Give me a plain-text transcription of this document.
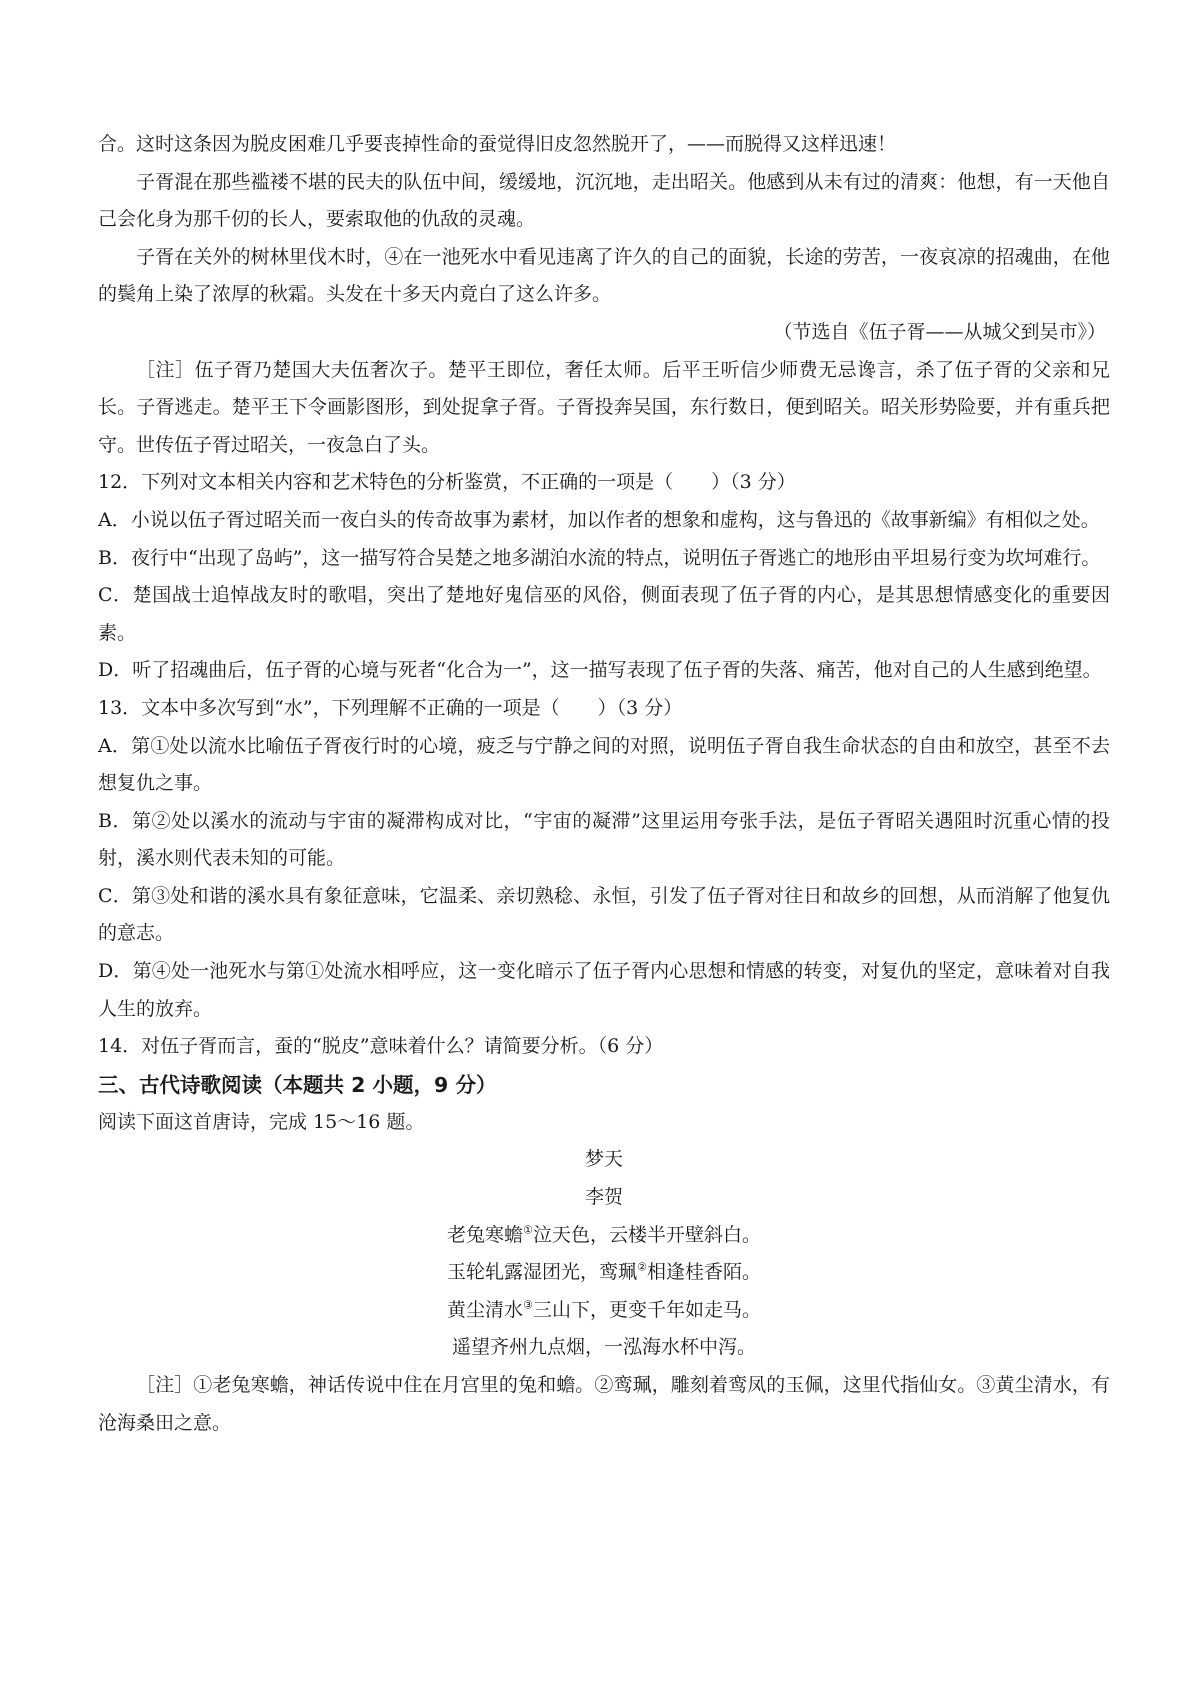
合。这时这条因为脱皮困难几乎要丧掉性命的蚕觉得旧皮忽然脱开了，——而脱得又这样迅速！

子胥混在那些褴褛不堪的民夫的队伍中间，缓缓地，沉沉地，走出昭关。他感到从未有过的清爽：他想，有一天他自己会化身为那千仞的长人，要索取他的仇敌的灵魂。

子胥在关外的树林里伐木时，④在一池死水中看见违离了许久的自己的面貌，长途的劳苦，一夜哀凉的招魂曲，在他的鬓角上染了浓厚的秋霜。头发在十多天内竟白了这么许多。

（节选自《伍子胥——从城父到吴市》）

［注］伍子胥乃楚国大夫伍奢次子。楚平王即位，奢任太师。后平王听信少师费无忌谗言，杀了伍子胥的父亲和兄长。子胥逃走。楚平王下令画影图形，到处捉拿子胥。子胥投奔吴国，东行数日，便到昭关。昭关形势险要，并有重兵把守。世传伍子胥过昭关，一夜急白了头。

12．下列对文本相关内容和艺术特色的分析鉴赏，不正确的一项是（　　）（3 分）

A．小说以伍子胥过昭关而一夜白头的传奇故事为素材，加以作者的想象和虚构，这与鲁迅的《故事新编》有相似之处。

B．夜行中“出现了岛屿”，这一描写符合吴楚之地多湖泊水流的特点，说明伍子胥逃亡的地形由平坦易行变为坎坷难行。

C．楚国战士追悼战友时的歌唱，突出了楚地好鬼信巫的风俗，侧面表现了伍子胥的内心，是其思想情感变化的重要因素。

D．听了招魂曲后，伍子胥的心境与死者“化合为一”，这一描写表现了伍子胥的失落、痛苦，他对自己的人生感到绝望。

13．文本中多次写到“水”，下列理解不正确的一项是（　　）（3 分）

A．第①处以流水比喻伍子胥夜行时的心境，疲乏与宁静之间的对照，说明伍子胥自我生命状态的自由和放空，甚至不去想复仇之事。

B．第②处以溪水的流动与宇宙的凝滞构成对比，“宇宙的凝滞”这里运用夸张手法，是伍子胥昭关遇阻时沉重心情的投射，溪水则代表未知的可能。

C．第③处和谐的溪水具有象征意味，它温柔、亲切熟稔、永恒，引发了伍子胥对往日和故乡的回想，从而消解了他复仇的意志。

D．第④处一池死水与第①处流水相呼应，这一变化暗示了伍子胥内心思想和情感的转变，对复仇的坚定，意味着对自我人生的放弃。

14．对伍子胥而言，蚕的“脱皮”意味着什么？请简要分析。（6 分）

三、古代诗歌阅读（本题共 2 小题，9 分）

阅读下面这首唐诗，完成 15～16 题。

梦天

李贺

老兔寒蟾①泣天色，云楼半开壁斜白。

玉轮轧露湿团光，鸾珮②相逢桂香陌。

黄尘清水③三山下，更变千年如走马。

遥望齐州九点烟，一泓海水杯中泻。

［注］①老兔寒蟾，神话传说中住在月宫里的兔和蟾。②鸾珮，雕刻着鸾凤的玉佩，这里代指仙女。③黄尘清水，有沧海桑田之意。
